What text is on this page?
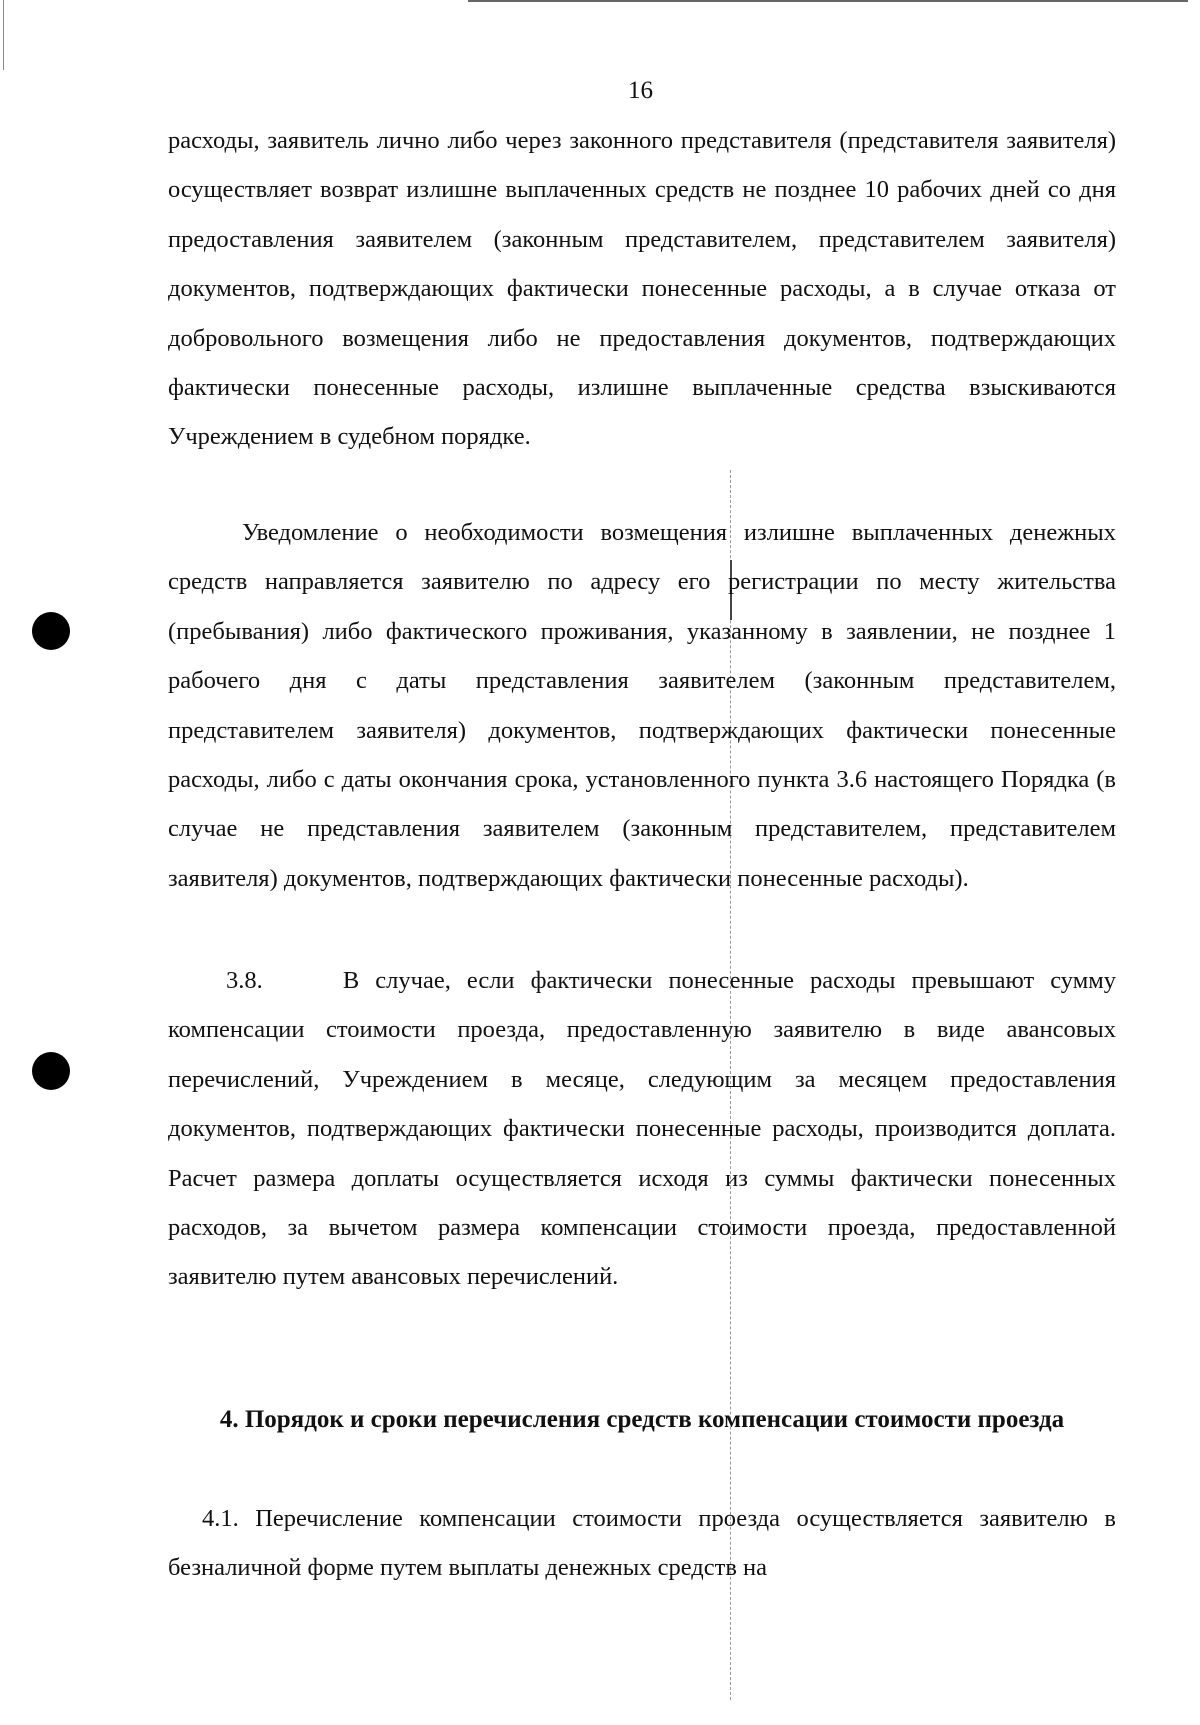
16

расходы, заявитель лично либо через законного представителя (представителя заявителя) осуществляет возврат излишне выплаченных средств не позднее 10 рабочих дней со дня предоставления заявителем (законным представителем, представителем заявителя) документов, подтверждающих фактически понесенные расходы, а в случае отказа от добровольного возмещения либо не предоставления документов, подтверждающих фактически понесенные расходы, излишне выплаченные средства взыскиваются Учреждением в судебном порядке.

Уведомление о необходимости возмещения излишне выплаченных денежных средств направляется заявителю по адресу его регистрации по месту жительства (пребывания) либо фактического проживания, указанному в заявлении, не позднее 1 рабочего дня с даты представления заявителем (законным представителем, представителем заявителя) документов, подтверждающих фактически понесенные расходы, либо с даты окончания срока, установленного пункта 3.6 настоящего Порядка (в случае не представления заявителем (законным представителем, представителем заявителя) документов, подтверждающих фактически понесенные расходы).

3.8.     В случае, если фактически понесенные расходы превышают сумму компенсации стоимости проезда, предоставленную заявителю в виде авансовых перечислений, Учреждением в месяце, следующим за месяцем предоставления документов, подтверждающих фактически понесенные расходы, производится доплата. Расчет размера доплаты осуществляется исходя из суммы фактически понесенных расходов, за вычетом размера компенсации стоимости проезда, предоставленной заявителю путем авансовых перечислений.

4. Порядок и сроки перечисления средств компенсации стоимости проезда

4.1. Перечисление компенсации стоимости проезда осуществляется заявителю в безналичной форме путем выплаты денежных средств на
